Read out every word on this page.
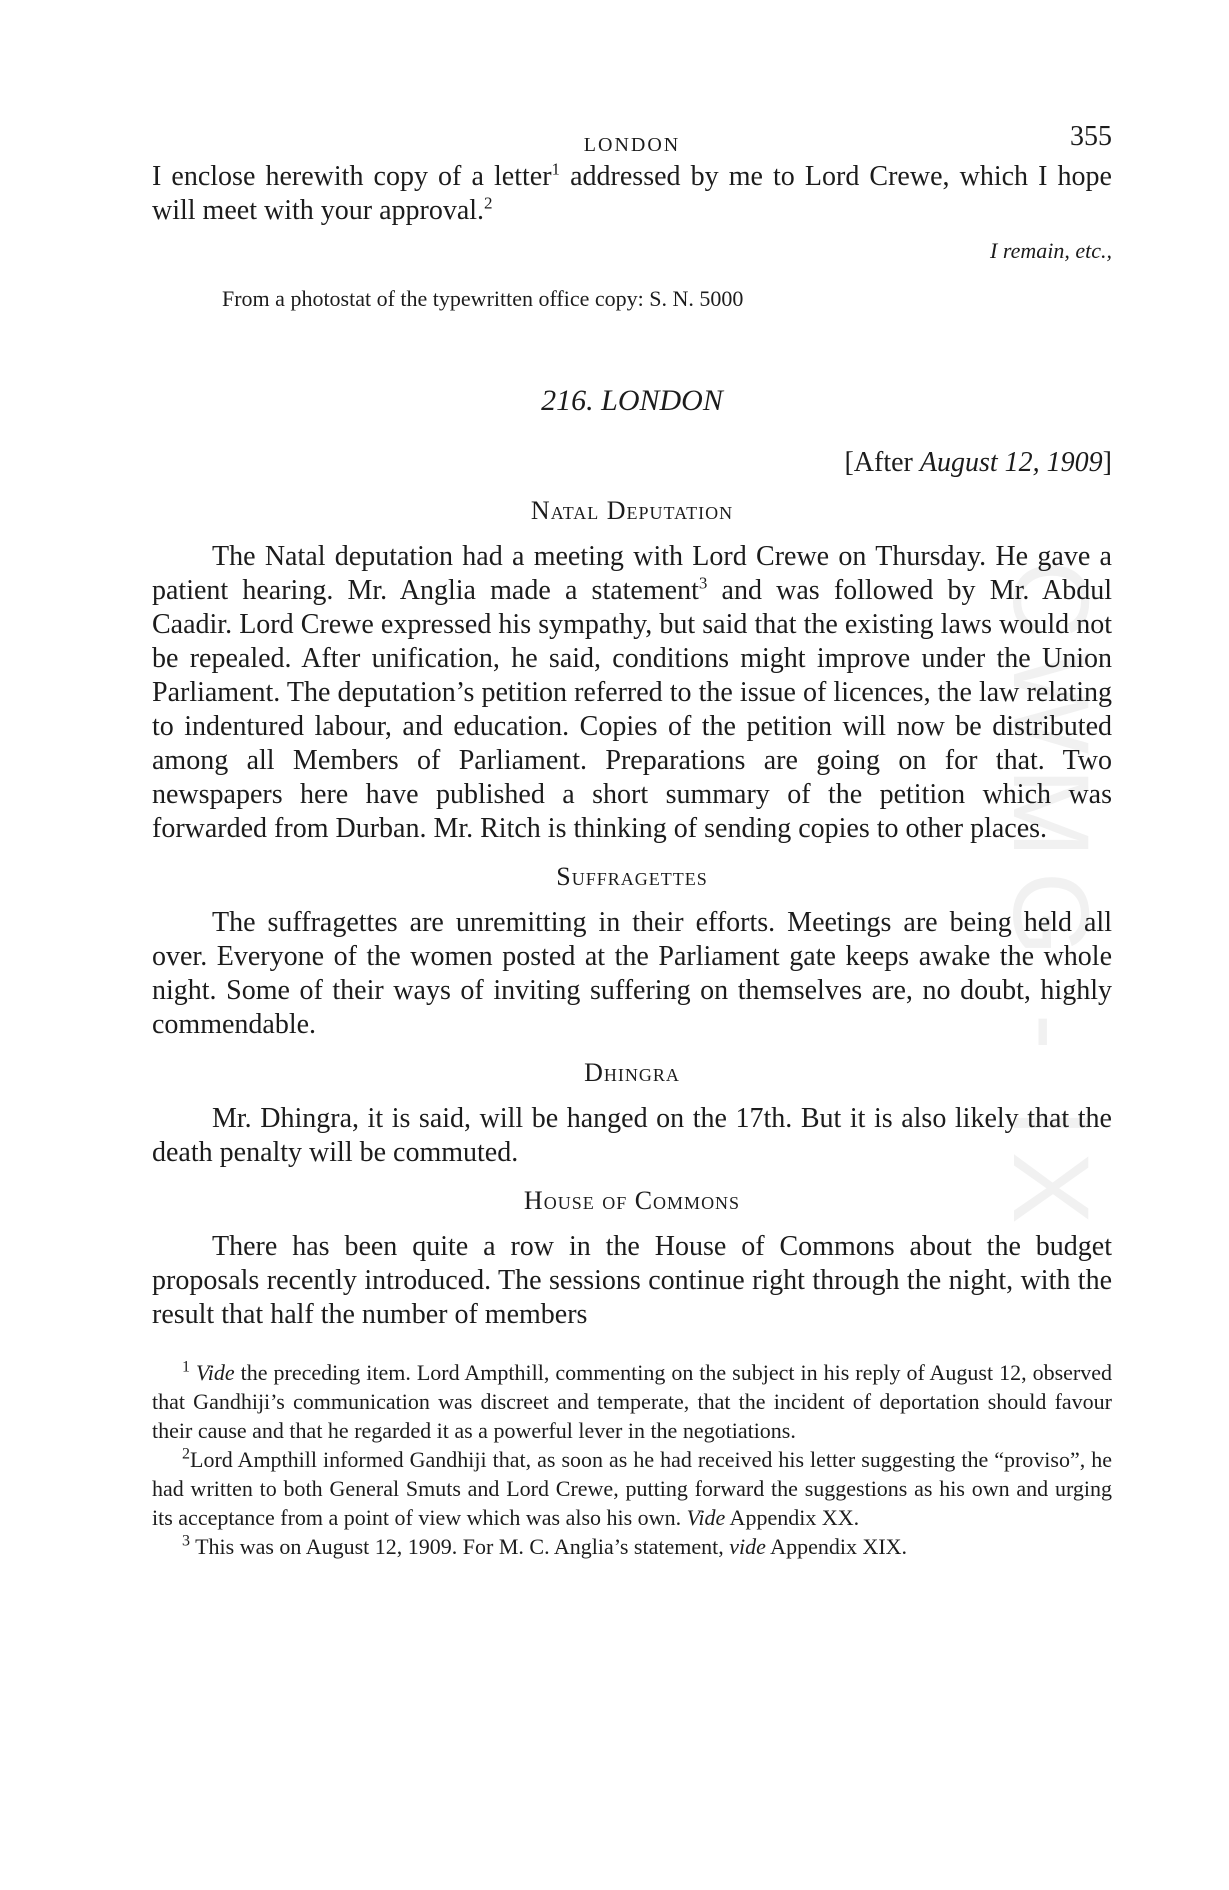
CWMG - IX
LONDON	355

I enclose herewith copy of a letter$^1$ addressed by me to Lord Crewe, which I hope will meet with your approval.$^2$

I remain, etc.,
From a photostat of the typewritten office copy: S. N. 5000
216. LONDON
[After August 12, 1909]
Natal Deputation

The Natal deputation had a meeting with Lord Crewe on Thursday. He gave a patient hearing. Mr. Anglia made a statement$^3$ and was followed by Mr. Abdul Caadir. Lord Crewe expressed his sympathy, but said that the existing laws would not be repealed. After unification, he said, conditions might improve under the Union Parliament. The deputation’s petition referred to the issue of licences, the law relating to indentured labour, and education. Copies of the petition will now be distributed among all Members of Parliament. Preparations are going on for that. Two newspapers here have published a short summary of the petition which was forwarded from Durban. Mr. Ritch is thinking of sending copies to other places.

Suffragettes

The suffragettes are unremitting in their efforts. Meetings are being held all over. Everyone of the women posted at the Parliament gate keeps awake the whole night. Some of their ways of inviting suffering on themselves are, no doubt, highly commendable.

Dhingra

Mr. Dhingra, it is said, will be hanged on the 17th. But it is also likely that the death penalty will be commuted.

House of Commons

There has been quite a row in the House of Commons about the budget proposals recently introduced. The sessions continue right through the night, with the result that half the number of members

$^1$ Vide the preceding item. Lord Ampthill, commenting on the subject in his reply of August 12, observed that Gandhiji’s communication was discreet and temperate, that the incident of deportation should favour their cause and that he regarded it as a powerful lever in the negotiations.

$^2$Lord Ampthill informed Gandhiji that, as soon as he had received his letter suggesting the “proviso”, he had written to both General Smuts and Lord Crewe, putting forward the suggestions as his own and urging its acceptance from a point of view which was also his own. Vide Appendix XX.

$^3$ This was on August 12, 1909. For M. C. Anglia’s statement, vide Appendix XIX.
